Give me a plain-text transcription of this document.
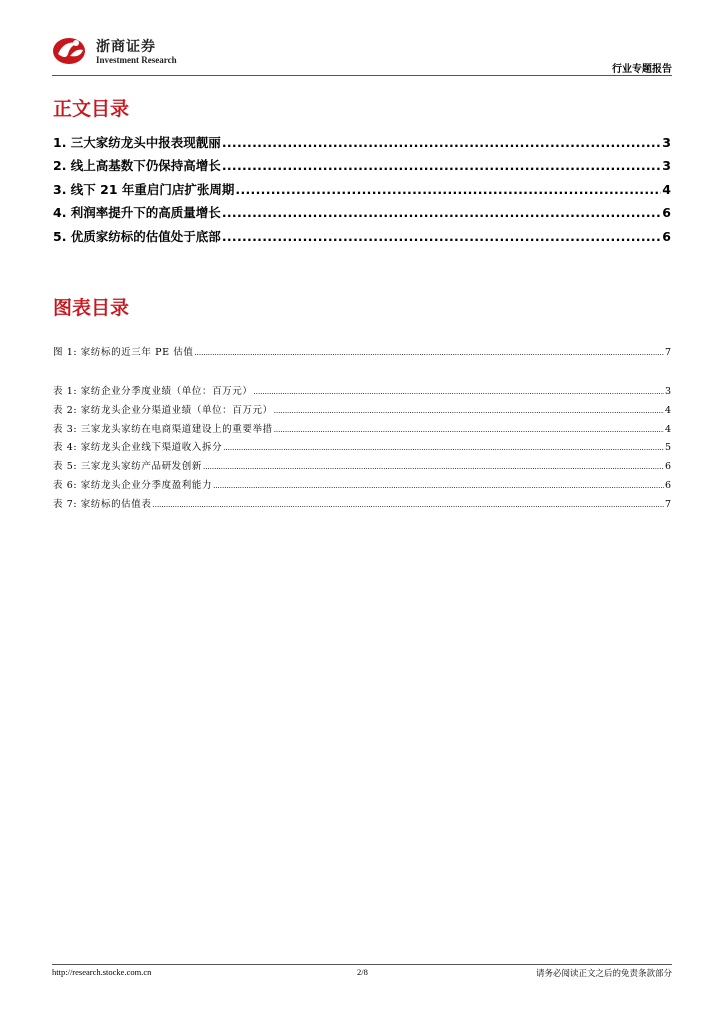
浙商证券
Investment Research
行业专题报告
正文目录
1. 三大家纺龙头中报表现靓丽 .....	3
2. 线上高基数下仍保持高增长 .....	3
3. 线下 21 年重启门店扩张周期 .....	4
4. 利润率提升下的高质量增长 .....	6
5. 优质家纺标的估值处于底部 .....	6
图表目录
图 1: 家纺标的近三年 PE 估值 .....	7
表 1: 家纺企业分季度业绩（单位：百万元） .....	3
表 2: 家纺龙头企业分渠道业绩（单位：百万元） .....	4
表 3: 三家龙头家纺在电商渠道建设上的重要举措 .....	4
表 4: 家纺龙头企业线下渠道收入拆分 .....	5
表 5: 三家龙头家纺产品研发创新 .....	6
表 6: 家纺龙头企业分季度盈利能力 .....	6
表 7: 家纺标的估值表 .....	7
http://research.stocke.com.cn	2/8	请务必阅读正文之后的免责条款部分
